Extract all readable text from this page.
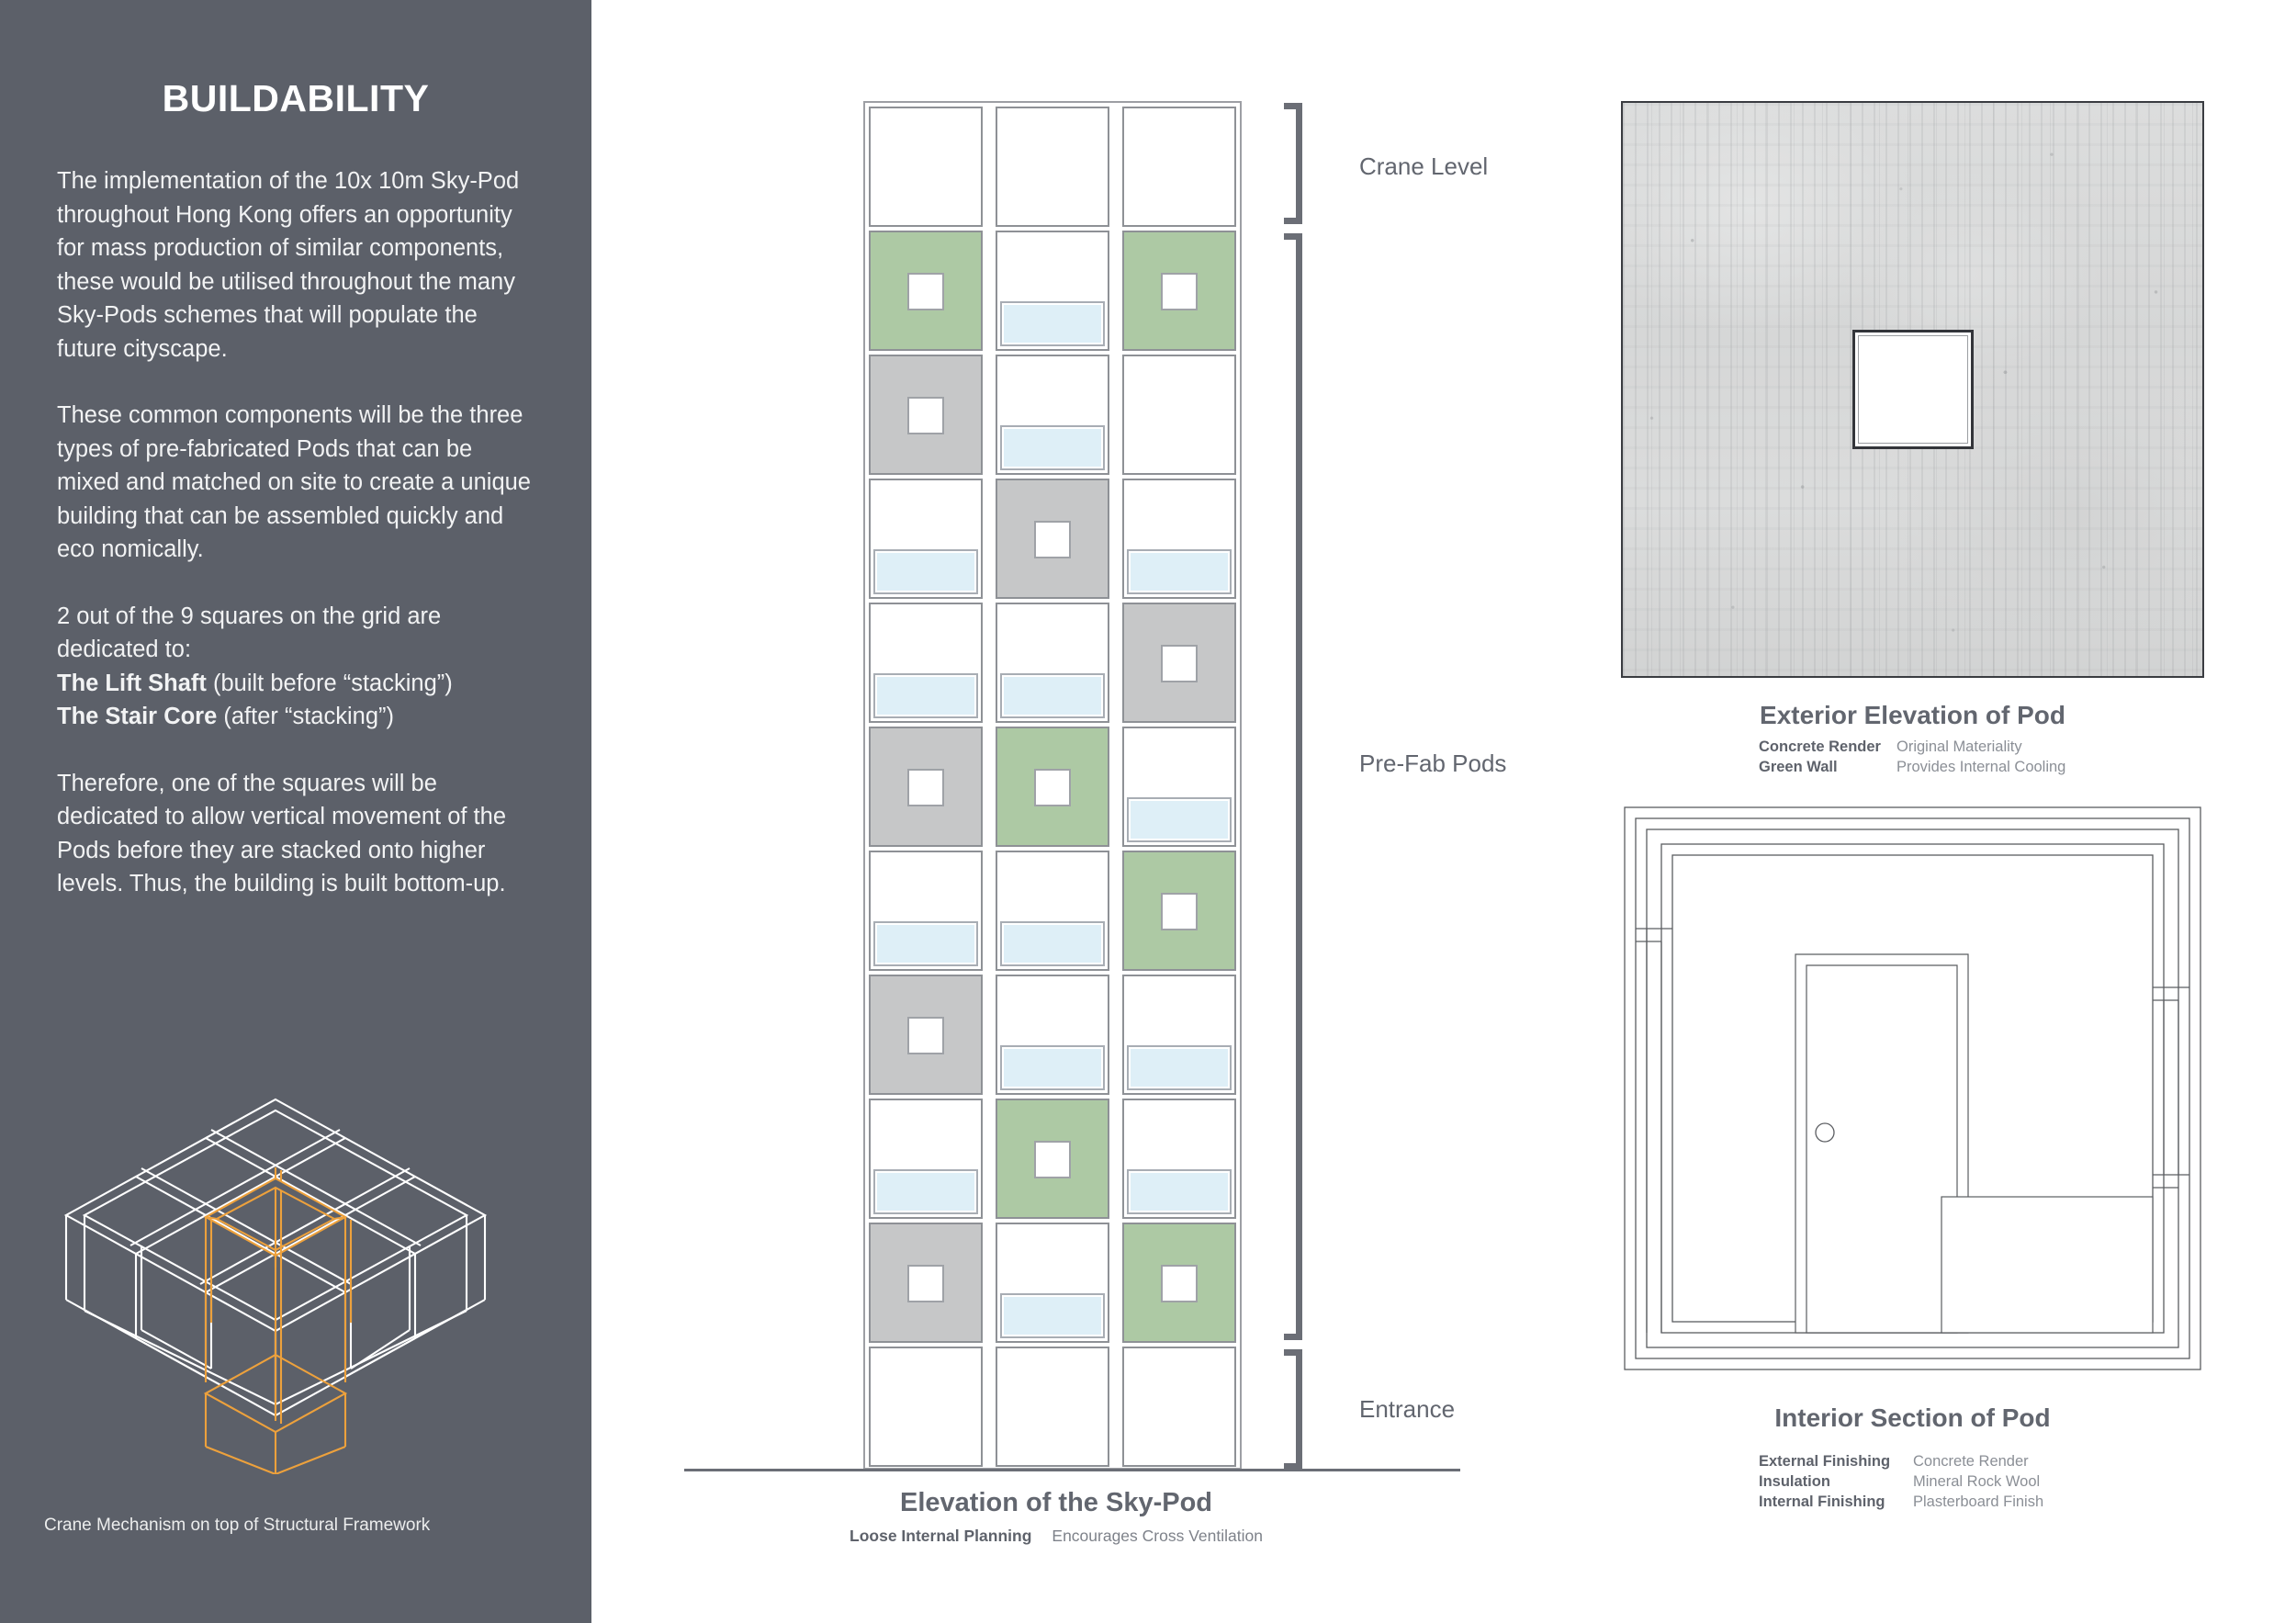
BUILDABILITY

The implementation of the 10x 10m Sky-Pod throughout Hong Kong offers an opportunity for mass production of similar components, these would be utilised throughout the many Sky-Pods schemes that will populate the future cityscape.

These common components will be the three types of pre-fabricated Pods that can be mixed and matched on site to create a unique building that can be assembled quickly and eco nomically.

2 out of the 9 squares on the grid are dedicated to:

The Lift Shaft (built before “stacking”)

The Stair Core (after “stacking”)

Therefore, one of the squares will be dedicated to allow vertical movement of the Pods before they are stacked onto higher levels. Thus, the building is built bottom-up.

Crane Mechanism on top of Structural Framework
Crane Level
Pre-Fab Pods
Entrance
Elevation of the Sky-Pod
Loose Internal Planning Encourages Cross Ventilation
Exterior Elevation of Pod
Concrete Render	Original Materiality
Green Wall	Provides Internal Cooling
Interior Section of Pod
External Finishing	Concrete Render
Insulation	Mineral Rock Wool
Internal Finishing	Plasterboard Finish
